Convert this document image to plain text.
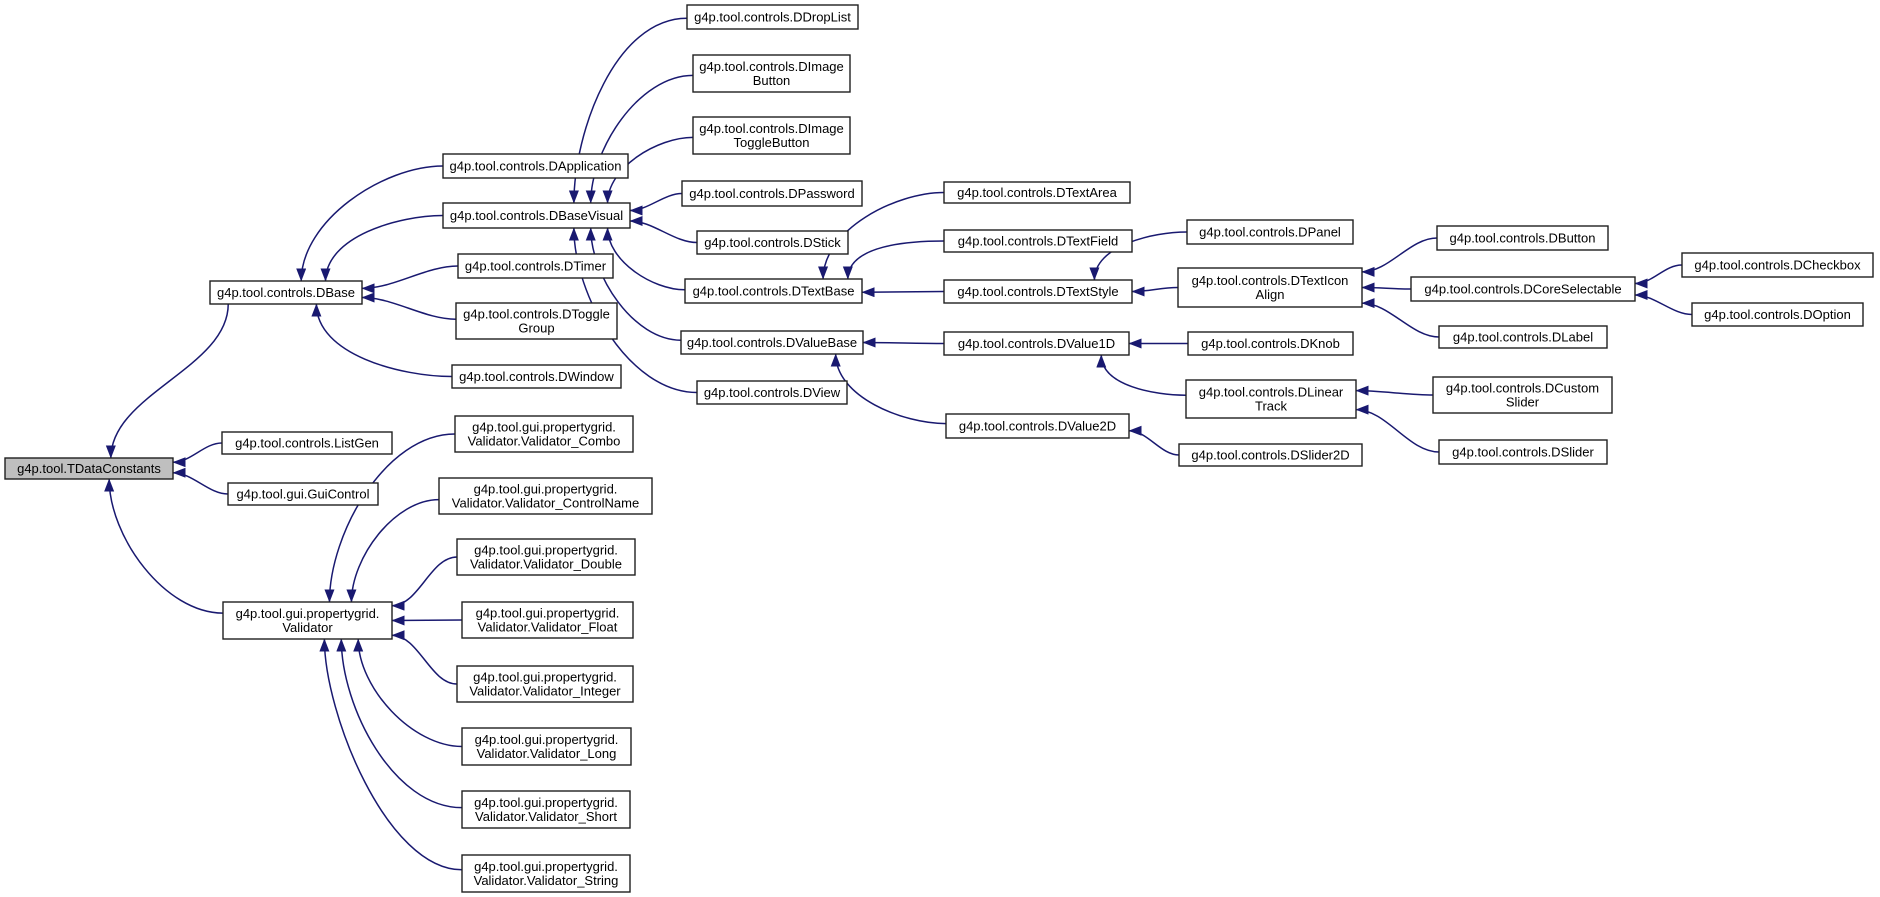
g4p.tool.TDataConstants
g4p.tool.controls.DBase
g4p.tool.controls.ListGen
g4p.tool.gui.GuiControl
g4p.tool.gui.propertygrid. Validator
g4p.tool.controls.DApplication
g4p.tool.controls.DBaseVisual
g4p.tool.controls.DTimer
g4p.tool.controls.DToggle Group
g4p.tool.controls.DWindow
g4p.tool.gui.propertygrid. Validator.Validator_Combo
g4p.tool.gui.propertygrid. Validator.Validator_ControlName
g4p.tool.gui.propertygrid. Validator.Validator_Double
g4p.tool.gui.propertygrid. Validator.Validator_Float
g4p.tool.gui.propertygrid. Validator.Validator_Integer
g4p.tool.gui.propertygrid. Validator.Validator_Long
g4p.tool.gui.propertygrid. Validator.Validator_Short
g4p.tool.gui.propertygrid. Validator.Validator_String
g4p.tool.controls.DDropList
g4p.tool.controls.DImage Button
g4p.tool.controls.DImage ToggleButton
g4p.tool.controls.DPassword
g4p.tool.controls.DStick
g4p.tool.controls.DTextBase
g4p.tool.controls.DValueBase
g4p.tool.controls.DView
g4p.tool.controls.DTextArea
g4p.tool.controls.DTextField
g4p.tool.controls.DTextStyle
g4p.tool.controls.DValue1D
g4p.tool.controls.DValue2D
g4p.tool.controls.DSlider2D
g4p.tool.controls.DPanel
g4p.tool.controls.DTextIcon Align
g4p.tool.controls.DKnob
g4p.tool.controls.DLinear Track
g4p.tool.controls.DButton
g4p.tool.controls.DCoreSelectable
g4p.tool.controls.DLabel
g4p.tool.controls.DCustom Slider
g4p.tool.controls.DSlider
g4p.tool.controls.DCheckbox
g4p.tool.controls.DOption
